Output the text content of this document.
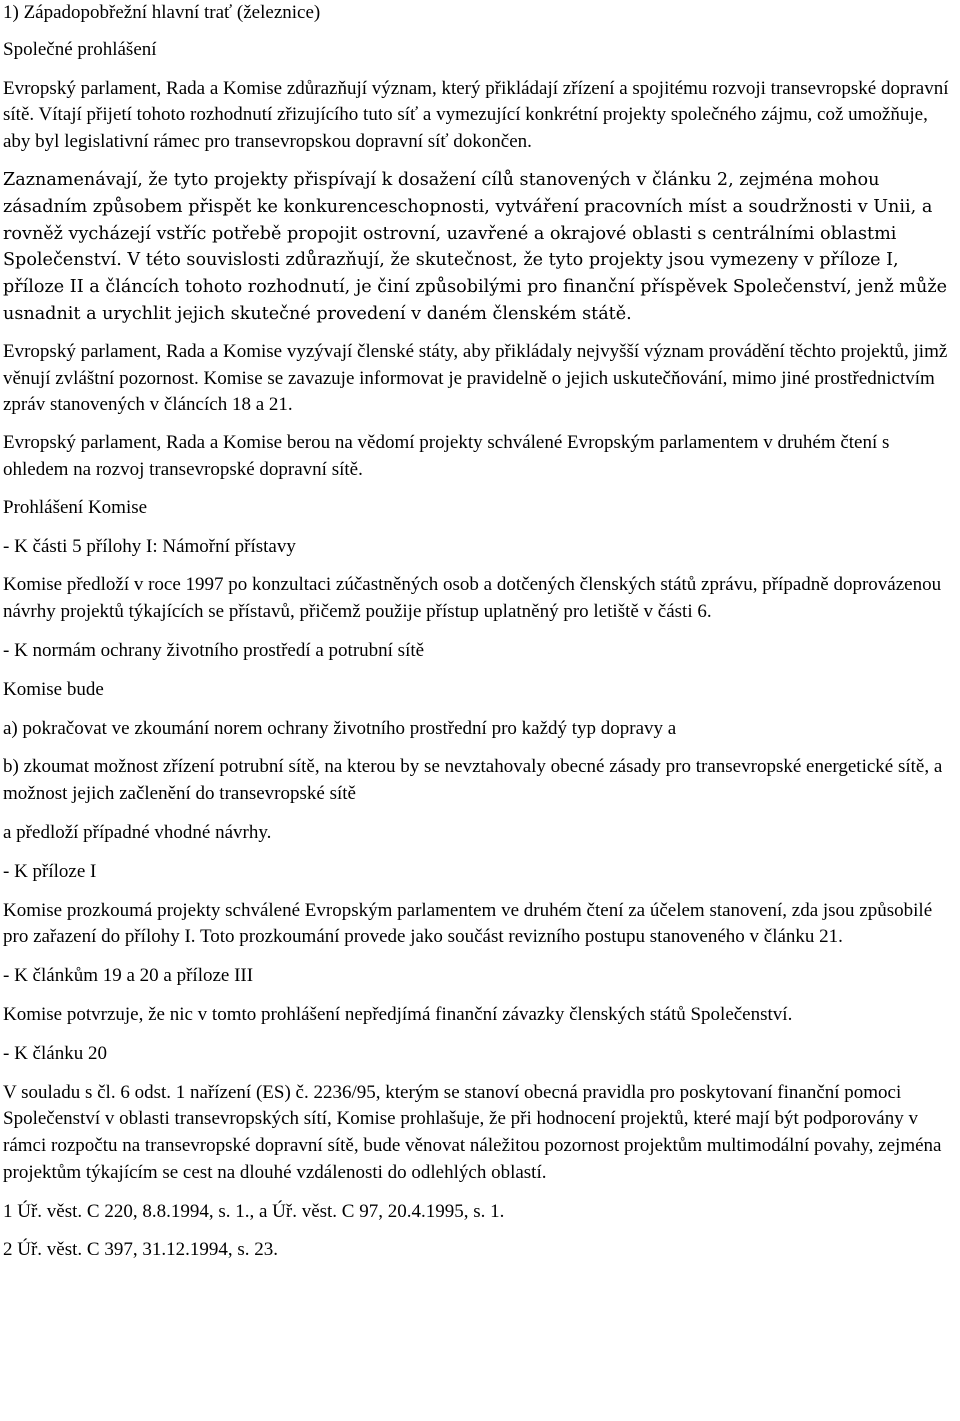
1) Západopobřežní hlavní trať (železnice)

Společné prohlášení

Evropský parlament, Rada a Komise zdůrazňují význam, který přikládají zřízení a spojitému rozvoji transevropské dopravní sítě. Vítají přijetí tohoto rozhodnutí zřizujícího tuto síť a vymezující konkrétní projekty společného zájmu, což umožňuje, aby byl legislativní rámec pro transevropskou dopravní síť dokončen.

Zaznamenávají, že tyto projekty přispívají k dosažení cílů stanovených v článku 2, zejména mohou zásadním způsobem přispět ke konkurenceschopnosti, vytváření pracovních míst a soudržnosti v Unii, a rovněž vycházejí vstříc potřebě propojit ostrovní, uzavřené a okrajové oblasti s centrálními oblastmi Společenství. V této souvislosti zdůrazňují, že skutečnost, že tyto projekty jsou vymezeny v příloze I, příloze II a článcích tohoto rozhodnutí, je činí způsobilými pro finanční příspěvek Společenství, jenž může usnadnit a urychlit jejich skutečné provedení v daném členském státě.

Evropský parlament, Rada a Komise vyzývají členské státy, aby přikládaly nejvyšší význam provádění těchto projektů, jimž věnují zvláštní pozornost. Komise se zavazuje informovat je pravidelně o jejich uskutečňování, mimo jiné prostřednictvím zpráv stanovených v článcích 18 a 21.

Evropský parlament, Rada a Komise berou na vědomí projekty schválené Evropským parlamentem v druhém čtení s ohledem na rozvoj transevropské dopravní sítě.

Prohlášení Komise

- K části 5 přílohy I: Námořní přístavy

Komise předloží v roce 1997 po konzultaci zúčastněných osob a dotčených členských států zprávu, případně doprovázenou návrhy projektů týkajících se přístavů, přičemž použije přístup uplatněný pro letiště v části 6.

- K normám ochrany životního prostředí a potrubní sítě

Komise bude

a) pokračovat ve zkoumání norem ochrany životního prostřední pro každý typ dopravy a

b) zkoumat možnost zřízení potrubní sítě, na kterou by se nevztahovaly obecné zásady pro transevropské energetické sítě, a možnost jejich začlenění do transevropské sítě

a předloží případné vhodné návrhy.

- K příloze I

Komise prozkoumá projekty schválené Evropským parlamentem ve druhém čtení za účelem stanovení, zda jsou způsobilé pro zařazení do přílohy I. Toto prozkoumání provede jako součást revizního postupu stanoveného v článku 21.

- K článkům 19 a 20 a příloze III

Komise potvrzuje, že nic v tomto prohlášení nepředjímá finanční závazky členských států Společenství.

- K článku 20

V souladu s čl. 6 odst. 1 nařízení (ES) č. 2236/95, kterým se stanoví obecná pravidla pro poskytovaní finanční pomoci Společenství v oblasti transevropských sítí, Komise prohlašuje, že při hodnocení projektů, které mají být podporovány v rámci rozpočtu na transevropské dopravní sítě, bude věnovat náležitou pozornost projektům multimodální povahy, zejména projektům týkajícím se cest na dlouhé vzdálenosti do odlehlých oblastí.

1 Úř. věst. C 220, 8.8.1994, s. 1., a Úř. věst. C 97, 20.4.1995, s. 1.

2 Úř. věst. C 397, 31.12.1994, s. 23.
